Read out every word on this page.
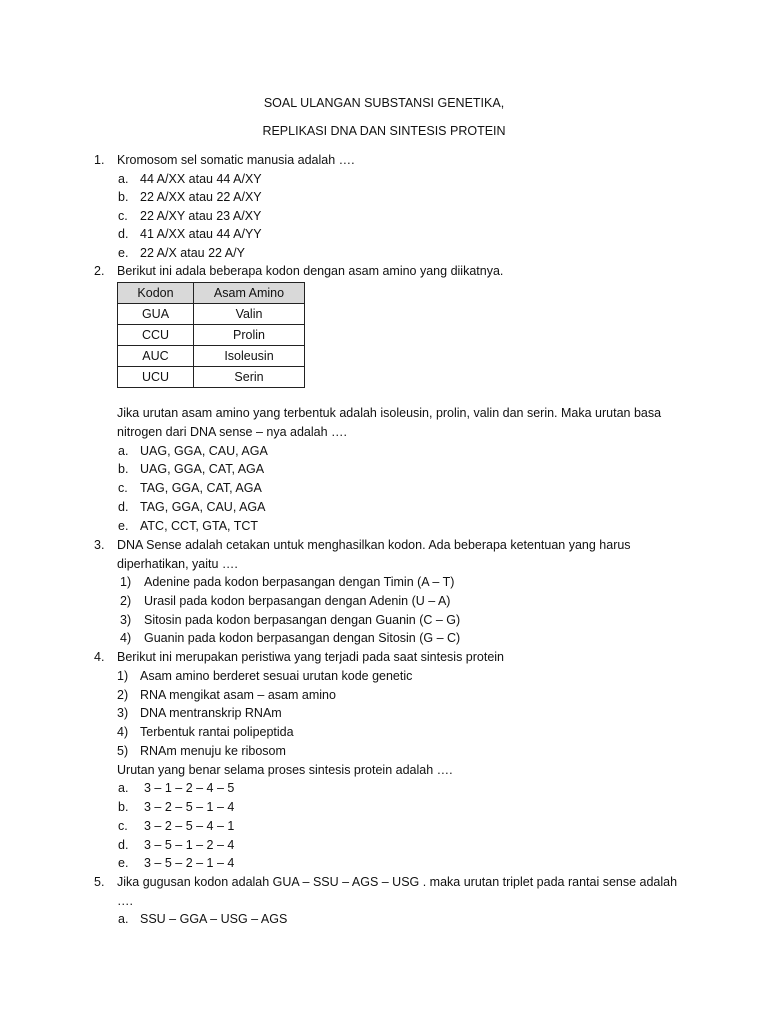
SOAL ULANGAN SUBSTANSI GENETIKA,
REPLIKASI DNA DAN SINTESIS PROTEIN
1. Kromosom sel somatic manusia adalah ….
a. 44 A/XX atau 44 A/XY
b. 22 A/XX atau 22 A/XY
c. 22 A/XY atau 23 A/XY
d. 41 A/XX atau 44 A/YY
e. 22 A/X atau 22 A/Y
2. Berikut ini adala beberapa kodon dengan asam amino yang diikatnya.
Kodon	Asam Amino
GUA	Valin
CCU	Prolin
AUC	Isoleusin
UCU	Serin
Jika urutan asam amino yang terbentuk adalah isoleusin, prolin, valin dan serin. Maka urutan basa
nitrogen dari DNA sense – nya adalah ….
a. UAG, GGA, CAU, AGA
b. UAG, GGA, CAT, AGA
c. TAG, GGA, CAT, AGA
d. TAG, GGA, CAU, AGA
e. ATC, CCT, GTA, TCT
3. DNA Sense adalah cetakan untuk menghasilkan kodon. Ada beberapa ketentuan yang harus
diperhatikan, yaitu ….
1) Adenine pada kodon berpasangan dengan Timin (A – T)
2) Urasil pada kodon berpasangan dengan Adenin (U – A)
3) Sitosin pada kodon berpasangan dengan Guanin (C – G)
4) Guanin pada kodon berpasangan dengan Sitosin (G – C)
4. Berikut ini merupakan peristiwa yang terjadi pada saat sintesis protein
1) Asam amino berderet sesuai urutan kode genetic
2) RNA mengikat asam – asam amino
3) DNA mentranskrip RNAm
4) Terbentuk rantai polipeptida
5) RNAm menuju ke ribosom
Urutan yang benar selama proses sintesis protein adalah ….
a. 3 – 1 – 2 – 4 – 5
b. 3 – 2 – 5 – 1 – 4
c. 3 – 2 – 5 – 4 – 1
d. 3 – 5 – 1 – 2 – 4
e. 3 – 5 – 2 – 1 – 4
5. Jika gugusan kodon adalah GUA – SSU – AGS – USG . maka urutan triplet pada rantai sense adalah
….
a. SSU – GGA – USG – AGS
